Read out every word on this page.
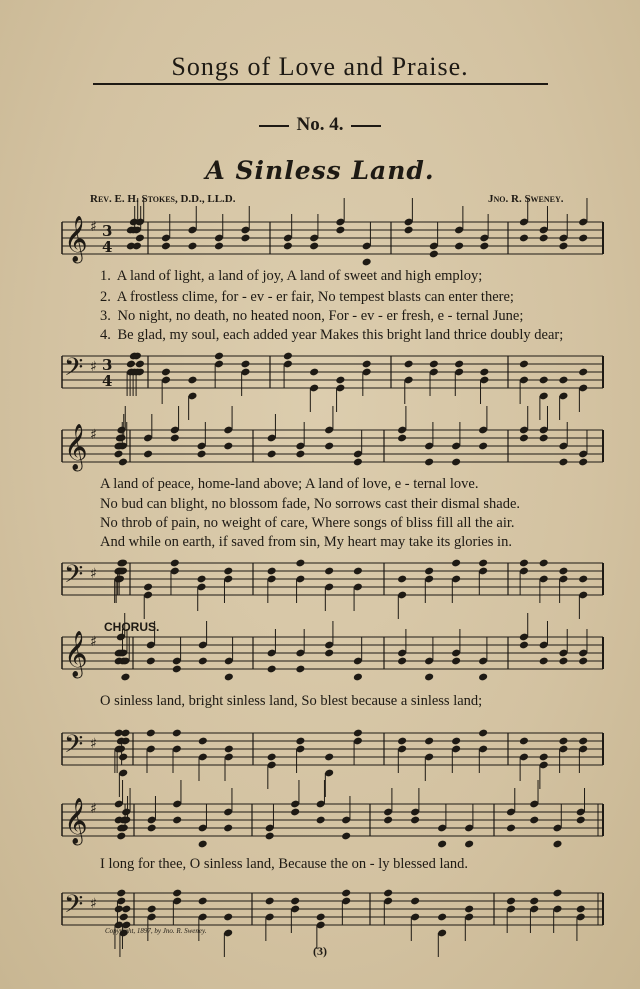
Songs of Love and Praise.
No. 4.
A Sinless Land.
Rev. E. H. Stokes, D.D., LL.D.	Jno. R. Sweney.
𝄞 ♯ 3
4
𝄢 ♯ 3
4
𝄞 ♯
𝄢 ♯
𝄞 ♯
𝄢 ♯
𝄞 ♯
𝄢 ♯
1. A land of light, a land of joy, A land of sweet and high employ;
2. A frostless clime, for - ev - er fair, No tempest blasts can enter there;
3. No night, no death, no heated noon, For - ev - er fresh, e - ternal June;
4. Be glad, my soul, each added year Makes this bright land thrice doubly dear;
A land of peace, home-land above; A land of love, e - ternal love.
No bud can blight, no blossom fade, No sorrows cast their dismal shade.
No throb of pain, no weight of care, Where songs of bliss fill all the air.
And while on earth, if saved from sin, My heart may take its glories in.
CHORUS.
O sinless land, bright sinless land, So blest because a sinless land;
I long for thee, O sinless land, Because the on - ly blessed land.
Copyright, 1897, by Jno. R. Sweney.
(3)
